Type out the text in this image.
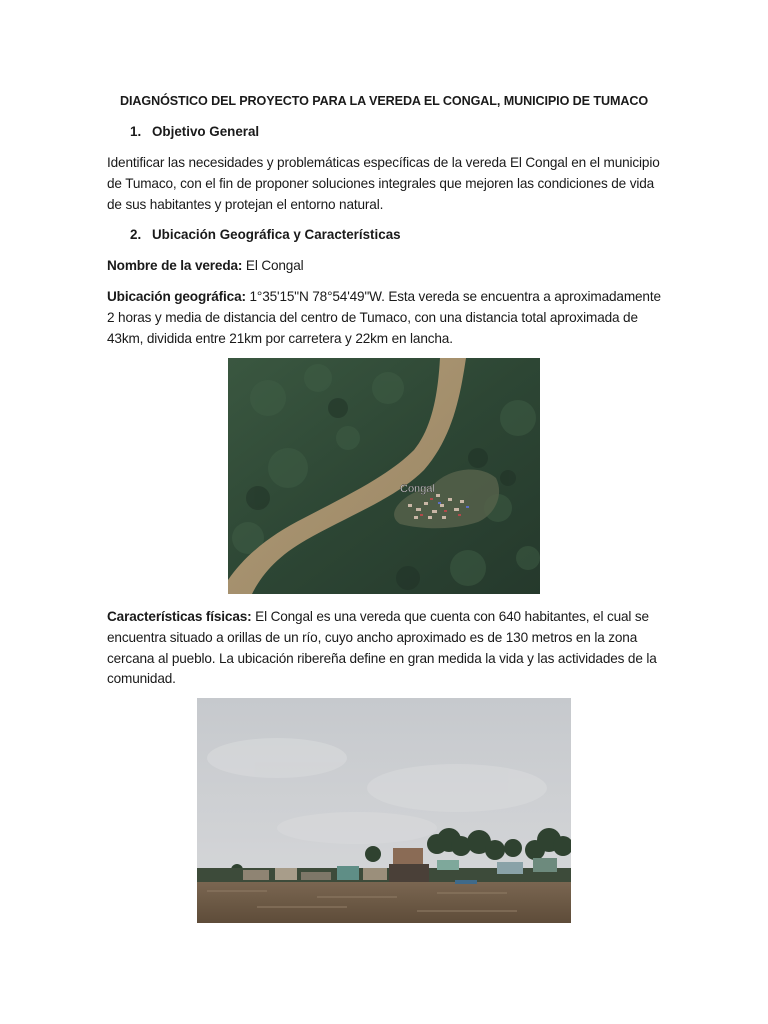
DIAGNÓSTICO DEL PROYECTO PARA LA VEREDA EL CONGAL, MUNICIPIO DE TUMACO
1. Objetivo General
Identificar las necesidades y problemáticas específicas de la vereda El Congal en el municipio de Tumaco, con el fin de proponer soluciones integrales que mejoren las condiciones de vida de sus habitantes y protejan el entorno natural.
2. Ubicación Geográfica y Características
Nombre de la vereda: El Congal
Ubicación geográfica: 1°35'15"N 78°54'49"W. Esta vereda se encuentra a aproximadamente 2 horas y media de distancia del centro de Tumaco, con una distancia total aproximada de 43km, dividida entre 21km por carretera y 22km en lancha.
Congal
Características físicas: El Congal es una vereda que cuenta con 640 habitantes, el cual se encuentra situado a orillas de un río, cuyo ancho aproximado es de 130 metros en la zona cercana al pueblo. La ubicación ribereña define en gran medida la vida y las actividades de la comunidad.
